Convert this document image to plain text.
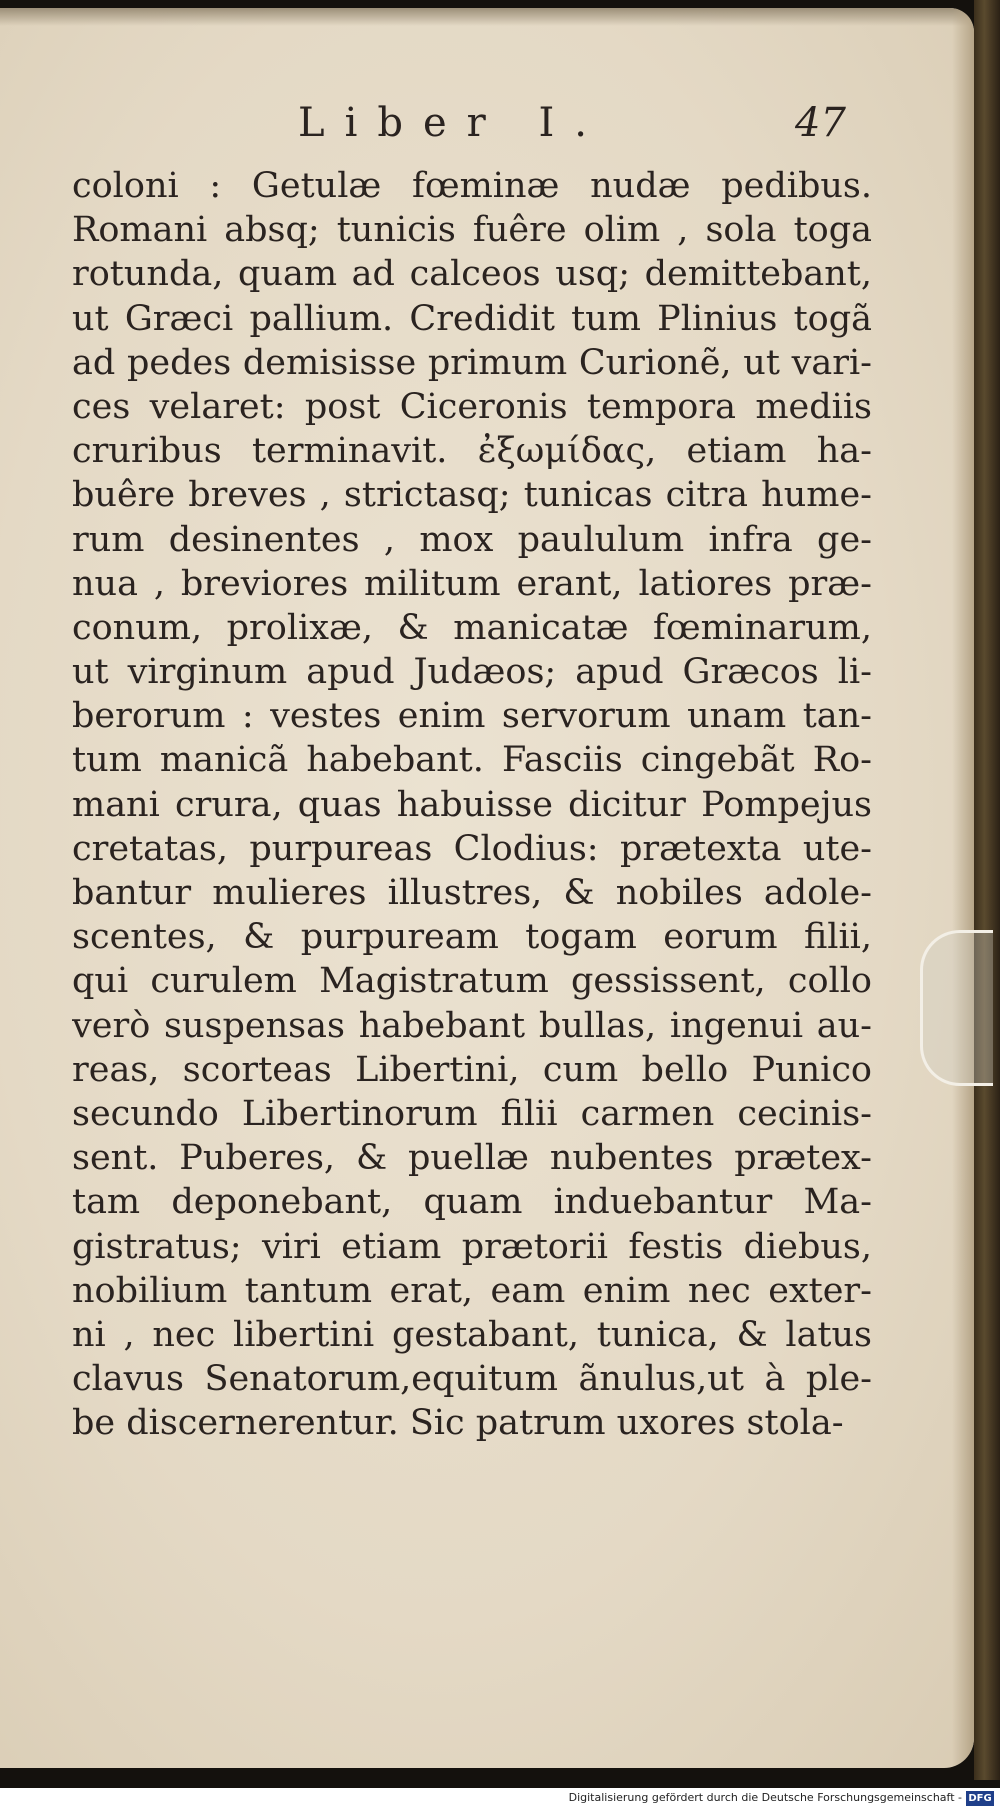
Liber I.	47
coloni : Getulæ fœminæ nudæ pedibus.
Romani absq; tunicis fuêre olim , sola toga
rotunda, quam ad calceos usq; demittebant,
ut Græci pallium. Credidit tum Plinius togã
ad pedes demisisse primum Curionẽ, ut vari-
ces velaret: post Ciceronis tempora mediis
cruribus terminavit. ἐξωμίδας, etiam ha-
buêre breves , strictasq; tunicas citra hume-
rum desinentes , mox paululum infra ge-
nua , breviores militum erant, latiores præ-
conum, prolixæ, & manicatæ fœminarum,
ut virginum apud Judæos; apud Græcos li-
berorum : vestes enim servorum unam tan-
tum manicã habebant. Fasciis cingebãt Ro-
mani crura, quas habuisse dicitur Pompejus
cretatas, purpureas Clodius: prætexta ute-
bantur mulieres illustres, & nobiles adole-
scentes, & purpuream togam eorum filii,
qui curulem Magistratum gessissent, collo
verò suspensas habebant bullas, ingenui au-
reas, scorteas Libertini, cum bello Punico
secundo Libertinorum filii carmen cecinis-
sent. Puberes, & puellæ nubentes prætex-
tam deponebant, quam induebantur Ma-
gistratus; viri etiam prætorii festis diebus,
nobilium tantum erat, eam enim nec exter-
ni , nec libertini gestabant, tunica, & latus
clavus Senatorum,equitum ãnulus,ut à ple-
be discernerentur. Sic patrum uxores stola-
Digitalisierung gefördert durch die Deutsche Forschungsgemeinschaft - DFG
